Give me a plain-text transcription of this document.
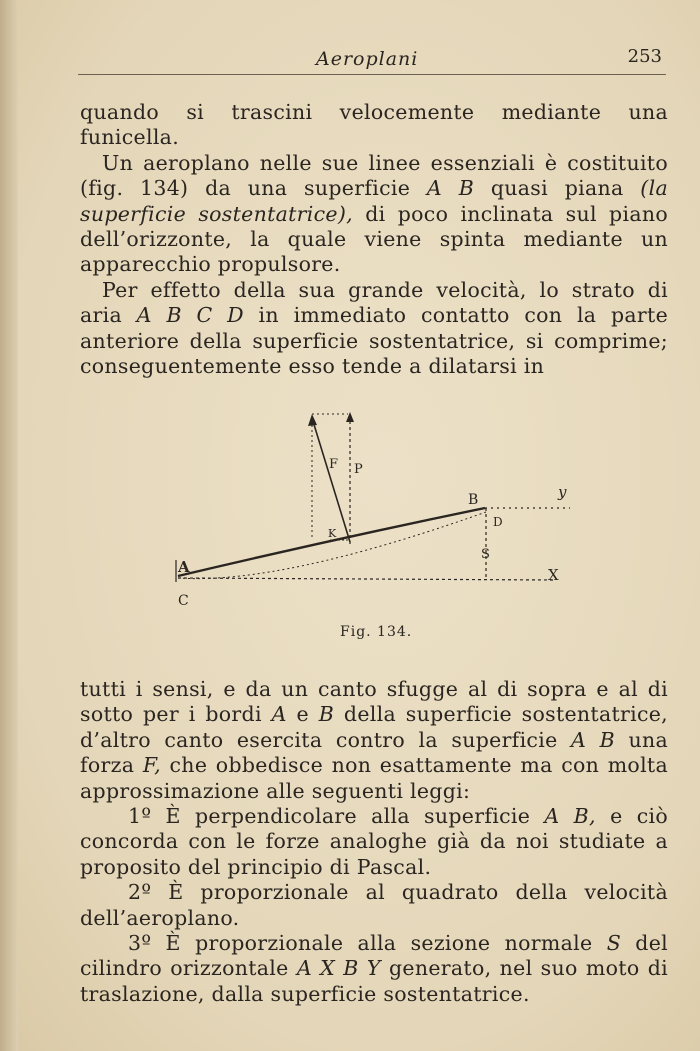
Aeroplani	253

quando si trascini velocemente mediante una funicella.

Un aeroplano nelle sue linee essenziali è costituito (fig. 134) da una superficie A B quasi piana (la superficie sostentatrice), di poco inclinata sul piano dell’orizzonte, la quale viene spinta mediante un apparecchio propulsore.

Per effetto della sua grande velocità, lo strato di aria A B C D in immediato contatto con la parte anteriore della superficie sostentatrice, si comprime; conseguentemente esso tende a dilatarsi in

A
C
B
D
S
X
y
F P
K
Fig. 134.

tutti i sensi, e da un canto sfugge al di sopra e al di sotto per i bordi A e B della superficie sostentatrice, d’altro canto esercita contro la superficie A B una forza F, che obbedisce non esattamente ma con molta approssimazione alle seguenti leggi:

1º È perpendicolare alla superficie A B, e ciò concorda con le forze analoghe già da noi studiate a proposito del principio di Pascal.

2º È proporzionale al quadrato della velocità dell’aeroplano.

3º È proporzionale alla sezione normale S del cilindro orizzontale A X B Y generato, nel suo moto di traslazione, dalla superficie sostentatrice.
